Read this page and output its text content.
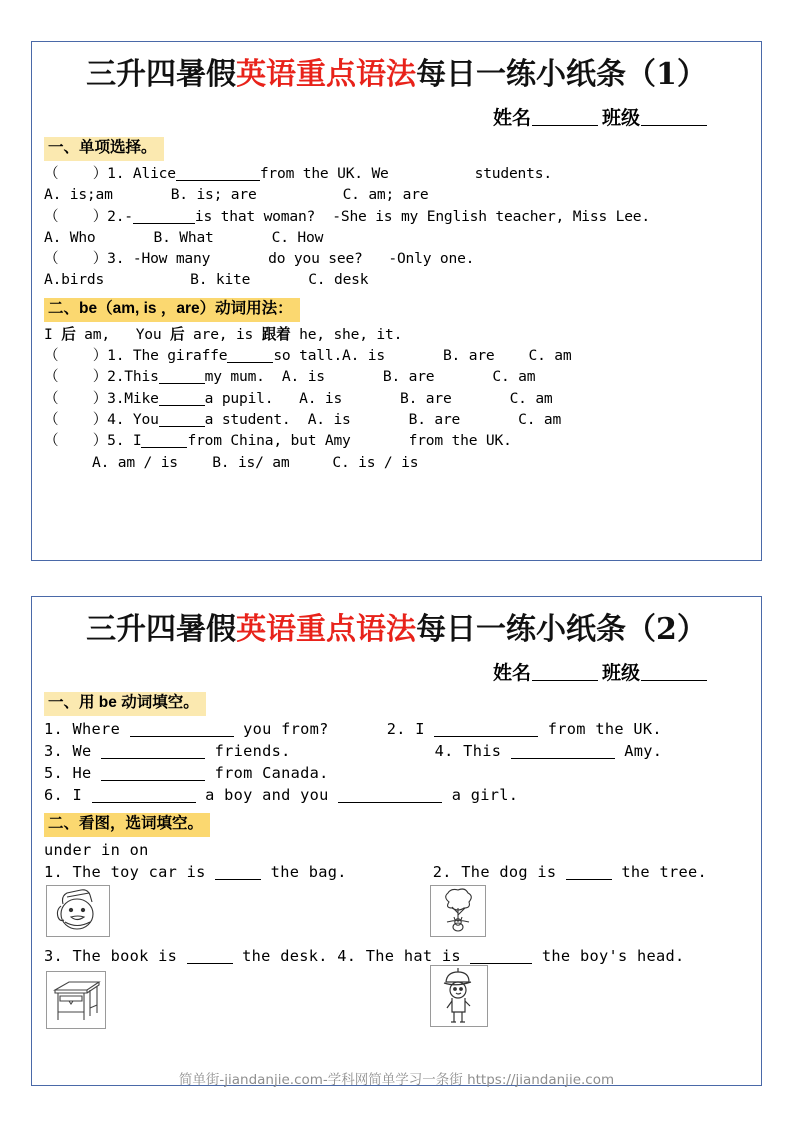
三升四暑假英语重点语法每日一练小纸条（1）
姓名	班级
一、单项选择。
（    ）1. Alice	from the UK. We	students.
A. is;am	B. is; are	C. am; are
（    ）2.-	is that woman?  -She is my English teacher, Miss Lee.
A. Who	B. What	C. How
（    ）3. -How many	do you see?   -Only one.
A.birds	B. kite	C. desk
二、be（am, is ，are）动词用法：
I 后 am,   You 后 are, is 跟着 he, she, it.
（    ）1. The giraffe	so tall.A. is	B. are C. am
（    ）2.This	my mum.  A. is	B. are	C. am
（    ）3.Mike	a pupil.   A. is	B. are	C. am
（    ）4. You	a student.  A. is	B. are	C. am
（    ）5. I	from China, but Amy	from the UK.
A. am / is    B. is/ am     C. is / is
三升四暑假英语重点语法每日一练小纸条（2）
姓名	班级
一、用 be 动词填空。
1. Where	you from?	2. I	from the UK.
3. We	friends.	4. This	Amy.
5. He	from Canada.
6. I	a boy and you	a girl.
二、看图，选词填空。
under in on
1. The toy car is	the bag.	2. The dog is	the tree.
3. The book is	the desk. 4. The hat is	the boy's head.
简单街-jiandanjie.com-学科网简单学习一条街 https://jiandanjie.com
